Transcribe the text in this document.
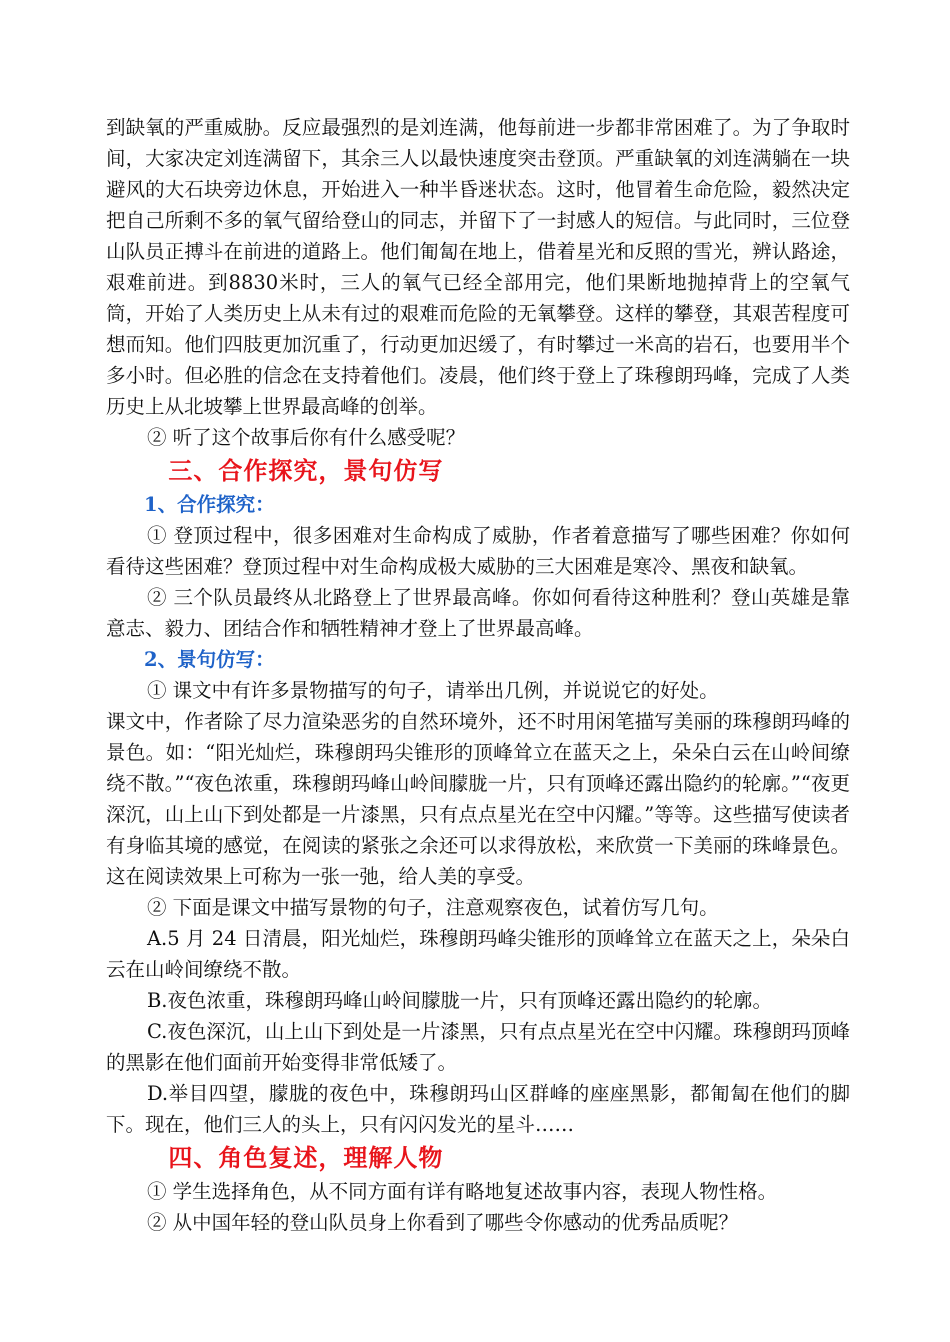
到缺氧的严重威胁。反应最强烈的是刘连满，他每前进一步都非常困难了。为了争取时间，大家决定刘连满留下，其余三人以最快速度突击登顶。严重缺氧的刘连满躺在一块避风的大石块旁边休息，开始进入一种半昏迷状态。这时，他冒着生命危险，毅然决定把自己所剩不多的氧气留给登山的同志，并留下了一封感人的短信。与此同时，三位登山队员正搏斗在前进的道路上。他们匍匐在地上，借着星光和反照的雪光，辨认路途，艰难前进。到8830米时，三人的氧气已经全部用完，他们果断地抛掉背上的空氧气筒，开始了人类历史上从未有过的艰难而危险的无氧攀登。这样的攀登，其艰苦程度可想而知。他们四肢更加沉重了，行动更加迟缓了，有时攀过一米高的岩石，也要用半个多小时。但必胜的信念在支持着他们。凌晨，他们终于登上了珠穆朗玛峰，完成了人类历史上从北坡攀上世界最高峰的创举。

② 听了这个故事后你有什么感受呢？

三、合作探究，景句仿写

1、合作探究：

① 登顶过程中，很多困难对生命构成了威胁，作者着意描写了哪些困难？你如何看待这些困难？登顶过程中对生命构成极大威胁的三大困难是寒冷、黑夜和缺氧。

② 三个队员最终从北路登上了世界最高峰。你如何看待这种胜利？登山英雄是靠意志、毅力、团结合作和牺牲精神才登上了世界最高峰。

2、景句仿写：

① 课文中有许多景物描写的句子，请举出几例，并说说它的好处。

课文中，作者除了尽力渲染恶劣的自然环境外，还不时用闲笔描写美丽的珠穆朗玛峰的景色。如：“阳光灿烂，珠穆朗玛尖锥形的顶峰耸立在蓝天之上，朵朵白云在山岭间缭绕不散。”“夜色浓重，珠穆朗玛峰山岭间朦胧一片，只有顶峰还露出隐约的轮廓。”“夜更深沉，山上山下到处都是一片漆黑，只有点点星光在空中闪耀。”等等。这些描写使读者有身临其境的感觉，在阅读的紧张之余还可以求得放松，来欣赏一下美丽的珠峰景色。这在阅读效果上可称为一张一弛，给人美的享受。

② 下面是课文中描写景物的句子，注意观察夜色，试着仿写几句。

A.5 月 24 日清晨，阳光灿烂，珠穆朗玛峰尖锥形的顶峰耸立在蓝天之上，朵朵白云在山岭间缭绕不散。

B.夜色浓重，珠穆朗玛峰山岭间朦胧一片，只有顶峰还露出隐约的轮廓。

C.夜色深沉，山上山下到处是一片漆黑，只有点点星光在空中闪耀。珠穆朗玛顶峰的黑影在他们面前开始变得非常低矮了。

D.举目四望，朦胧的夜色中，珠穆朗玛山区群峰的座座黑影，都匍匐在他们的脚下。现在，他们三人的头上，只有闪闪发光的星斗……

四、角色复述，理解人物

① 学生选择角色，从不同方面有详有略地复述故事内容，表现人物性格。

② 从中国年轻的登山队员身上你看到了哪些令你感动的优秀品质呢？
